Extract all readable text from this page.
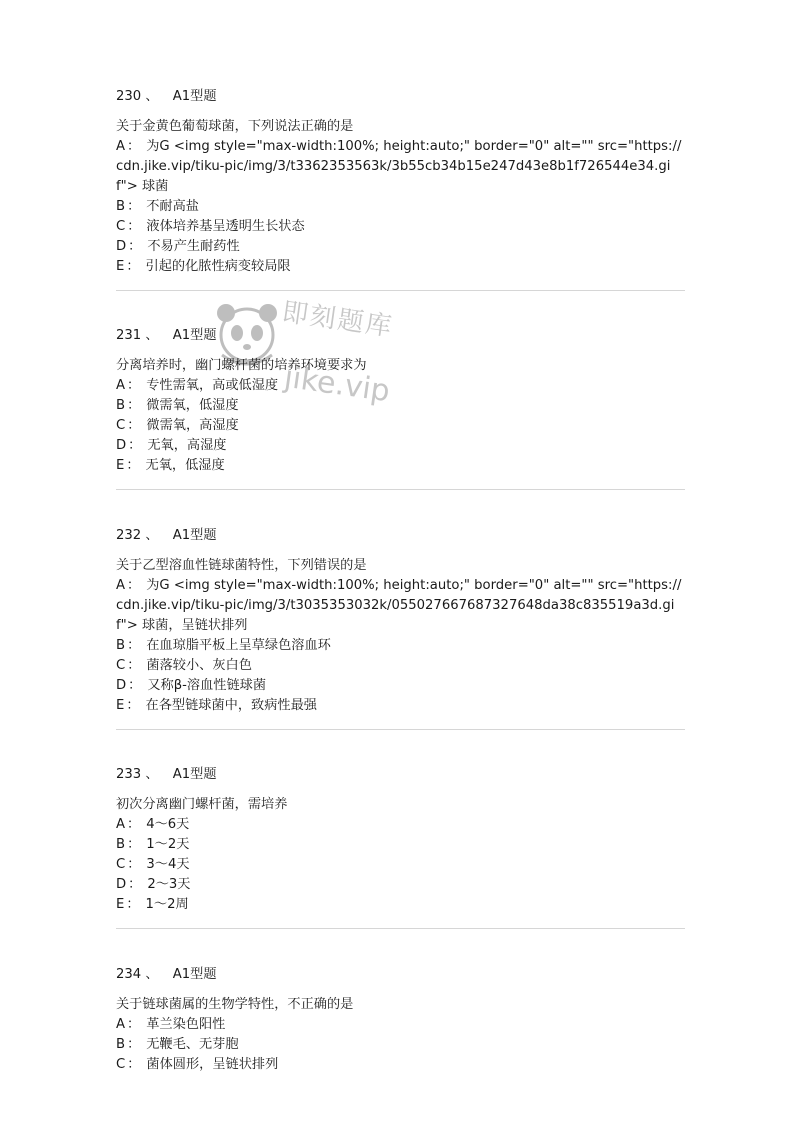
即刻题库
jike.vip
230 、 A1型题
关于金黄色葡萄球菌，下列说法正确的是
A ： 为G <img style="max-width:100%; height:auto;" border="0" alt="" src="https://cdn.jike.vip/tiku-pic/img/3/t3362353563k/3b55cb34b15e247d43e8b1f726544e34.gif"> 球菌
B ： 不耐高盐
C ： 液体培养基呈透明生长状态
D ： 不易产生耐药性
E ： 引起的化脓性病变较局限
231 、 A1型题
分离培养时，幽门螺杆菌的培养环境要求为
A ： 专性需氧，高或低湿度
B ： 微需氧，低湿度
C ： 微需氧，高湿度
D ： 无氧，高湿度
E ： 无氧，低湿度
232 、 A1型题
关于乙型溶血性链球菌特性，下列错误的是
A ： 为G <img style="max-width:100%; height:auto;" border="0" alt="" src="https://cdn.jike.vip/tiku-pic/img/3/t3035353032k/055027667687327648da38c835519a3d.gif"> 球菌，呈链状排列
B ： 在血琼脂平板上呈草绿色溶血环
C ： 菌落较小、灰白色
D ： 又称β-溶血性链球菌
E ： 在各型链球菌中，致病性最强
233 、 A1型题
初次分离幽门螺杆菌，需培养
A ： 4～6天
B ： 1～2天
C ： 3～4天
D ： 2～3天
E ： 1～2周
234 、 A1型题
关于链球菌属的生物学特性，不正确的是
A ： 革兰染色阳性
B ： 无鞭毛、无芽胞
C ： 菌体圆形，呈链状排列
